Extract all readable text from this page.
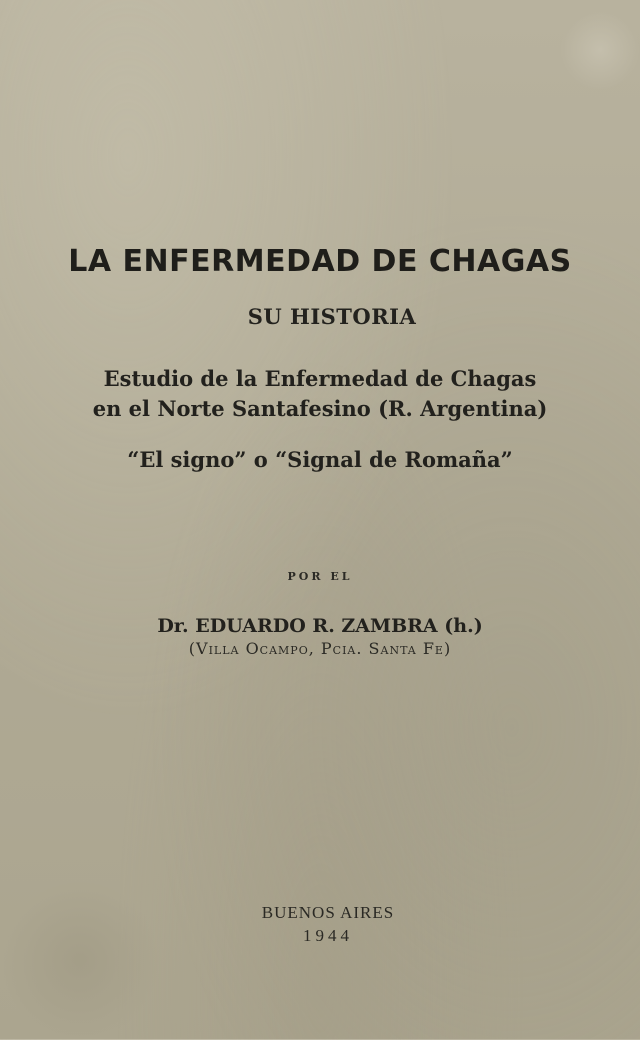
LA ENFERMEDAD DE CHAGAS
SU HISTORIA

Estudio de la Enfermedad de Chagas

en el Norte Santafesino (R. Argentina)

“El signo” o “Signal de Romaña”

POR EL

Dr. EDUARDO R. ZAMBRA (h.)

(Villa Ocampo, Pcia. Santa Fe)

BUENOS AIRES

1944
